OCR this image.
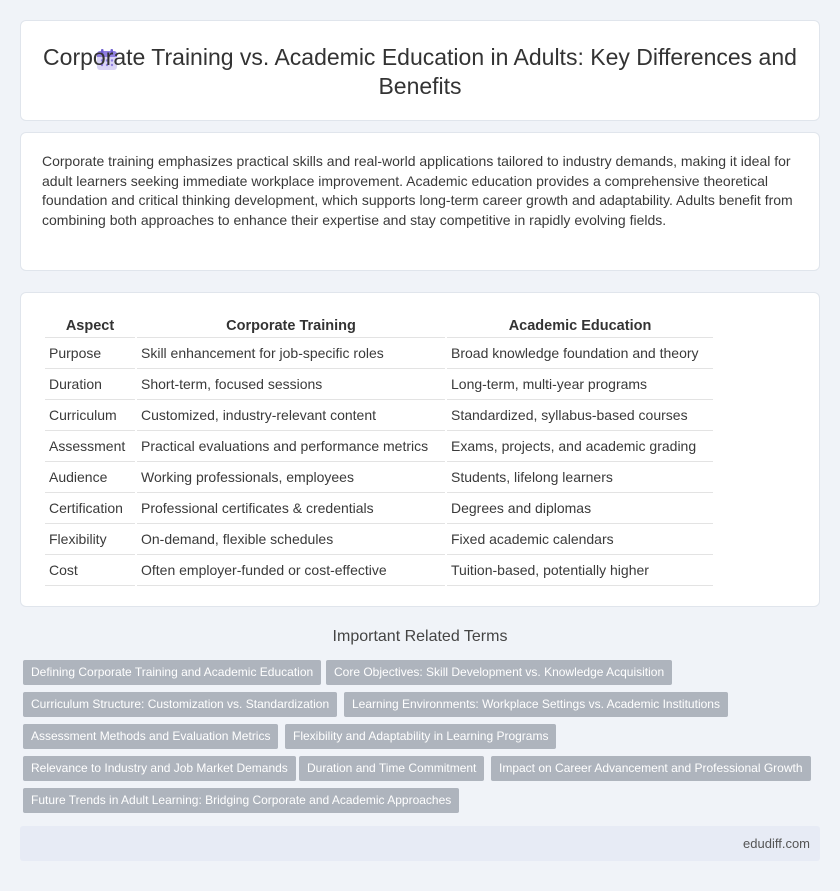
Corporate Training vs. Academic Education in Adults: Key Differences and Benefits

Corporate training emphasizes practical skills and real-world applications tailored to industry demands, making it ideal for adult learners seeking immediate workplace improvement. Academic education provides a comprehensive theoretical foundation and critical thinking development, which supports long-term career growth and adaptability. Adults benefit from combining both approaches to enhance their expertise and stay competitive in rapidly evolving fields.

Aspect	Corporate Training	Academic Education
Purpose	Skill enhancement for job-specific roles	Broad knowledge foundation and theory
Duration	Short-term, focused sessions	Long-term, multi-year programs
Curriculum	Customized, industry-relevant content	Standardized, syllabus-based courses
Assessment	Practical evaluations and performance metrics	Exams, projects, and academic grading
Audience	Working professionals, employees	Students, lifelong learners
Certification	Professional certificates & credentials	Degrees and diplomas
Flexibility	On-demand, flexible schedules	Fixed academic calendars
Cost	Often employer-funded or cost-effective	Tuition-based, potentially higher
Important Related Terms
Defining Corporate Training and Academic Education	Core Objectives: Skill Development vs. Knowledge Acquisition
Curriculum Structure: Customization vs. Standardization	Learning Environments: Workplace Settings vs. Academic Institutions
Assessment Methods and Evaluation Metrics	Flexibility and Adaptability in Learning Programs
Relevance to Industry and Job Market Demands	Duration and Time Commitment	Impact on Career Advancement and Professional Growth
Future Trends in Adult Learning: Bridging Corporate and Academic Approaches
edudiff.com
